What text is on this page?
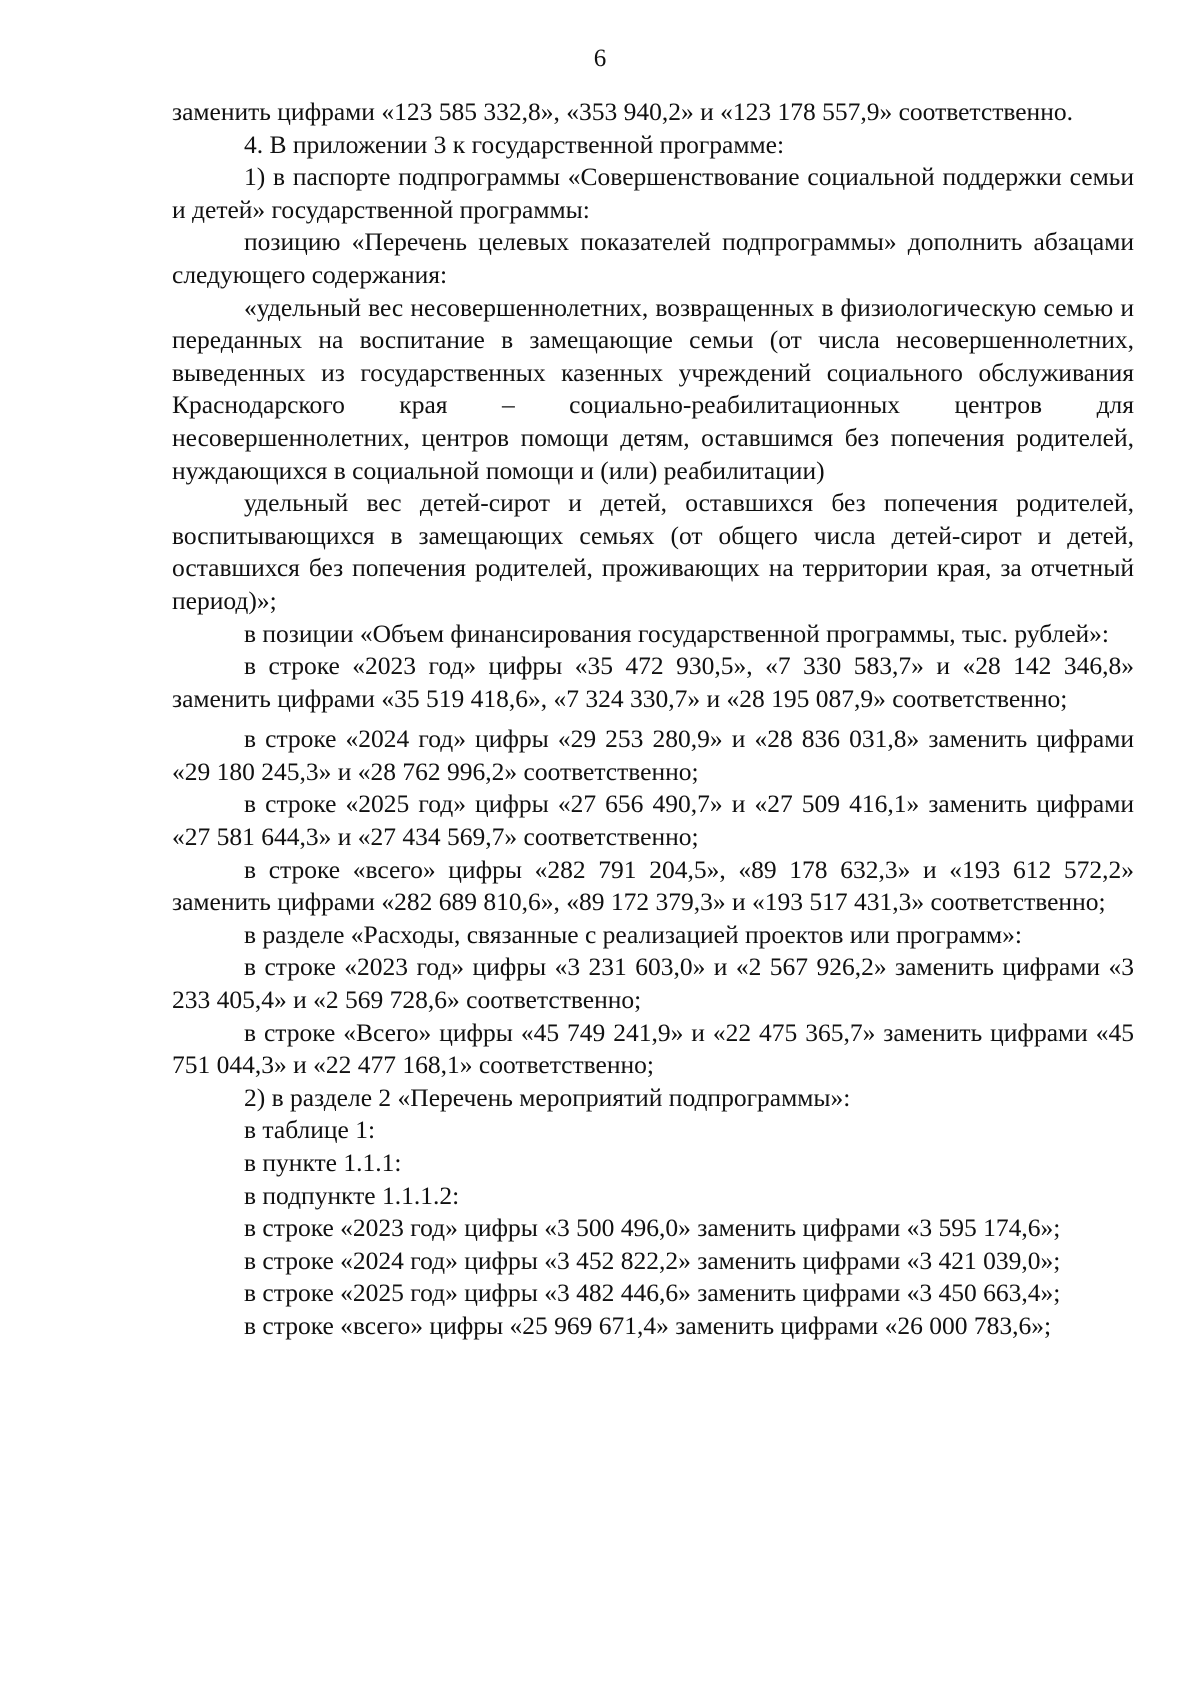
6

заменить цифрами «123 585 332,8», «353 940,2» и «123 178 557,9» соответственно.

4. В приложении 3 к государственной программе:

1) в паспорте подпрограммы «Совершенствование социальной поддержки семьи и детей» государственной программы:

позицию «Перечень целевых показателей подпрограммы» дополнить абзацами следующего содержания:

«удельный вес несовершеннолетних, возвращенных в физиологическую семью и переданных на воспитание в замещающие семьи (от числа несовершеннолетних, выведенных из государственных казенных учреждений социального обслуживания Краснодарского края – социально-реабилитационных центров для несовершеннолетних, центров помощи детям, оставшимся без попечения родителей, нуждающихся в социальной помощи и (или) реабилитации)

удельный вес детей-сирот и детей, оставшихся без попечения родителей, воспитывающихся в замещающих семьях (от общего числа детей-сирот и детей, оставшихся без попечения родителей, проживающих на территории края, за отчетный период)»;

в позиции «Объем финансирования государственной программы, тыс. рублей»:

в строке «2023 год» цифры «35 472 930,5», «7 330 583,7» и «28 142 346,8» заменить цифрами «35 519 418,6», «7 324 330,7» и «28 195 087,9» соответственно;

в строке «2024 год» цифры «29 253 280,9» и «28 836 031,8» заменить цифрами «29 180 245,3» и «28 762 996,2» соответственно;

в строке «2025 год» цифры «27 656 490,7» и «27 509 416,1» заменить цифрами «27 581 644,3» и «27 434 569,7» соответственно;

в строке «всего» цифры «282 791 204,5», «89 178 632,3» и «193 612 572,2» заменить цифрами «282 689 810,6», «89 172 379,3» и «193 517 431,3» соответственно;

в разделе «Расходы, связанные с реализацией проектов или программ»:

в строке «2023 год» цифры «3 231 603,0» и «2 567 926,2» заменить цифрами «3 233 405,4» и «2 569 728,6» соответственно;

в строке «Всего» цифры «45 749 241,9» и «22 475 365,7» заменить цифрами «45 751 044,3» и «22 477 168,1» соответственно;

2) в разделе 2 «Перечень мероприятий подпрограммы»:

в таблице 1:

в пункте 1.1.1:

в подпункте 1.1.1.2:

в строке «2023 год» цифры «3 500 496,0» заменить цифрами «3 595 174,6»;

в строке «2024 год» цифры «3 452 822,2» заменить цифрами «3 421 039,0»;

в строке «2025 год» цифры «3 482 446,6» заменить цифрами «3 450 663,4»;

в строке «всего» цифры «25 969 671,4» заменить цифрами «26 000 783,6»;
